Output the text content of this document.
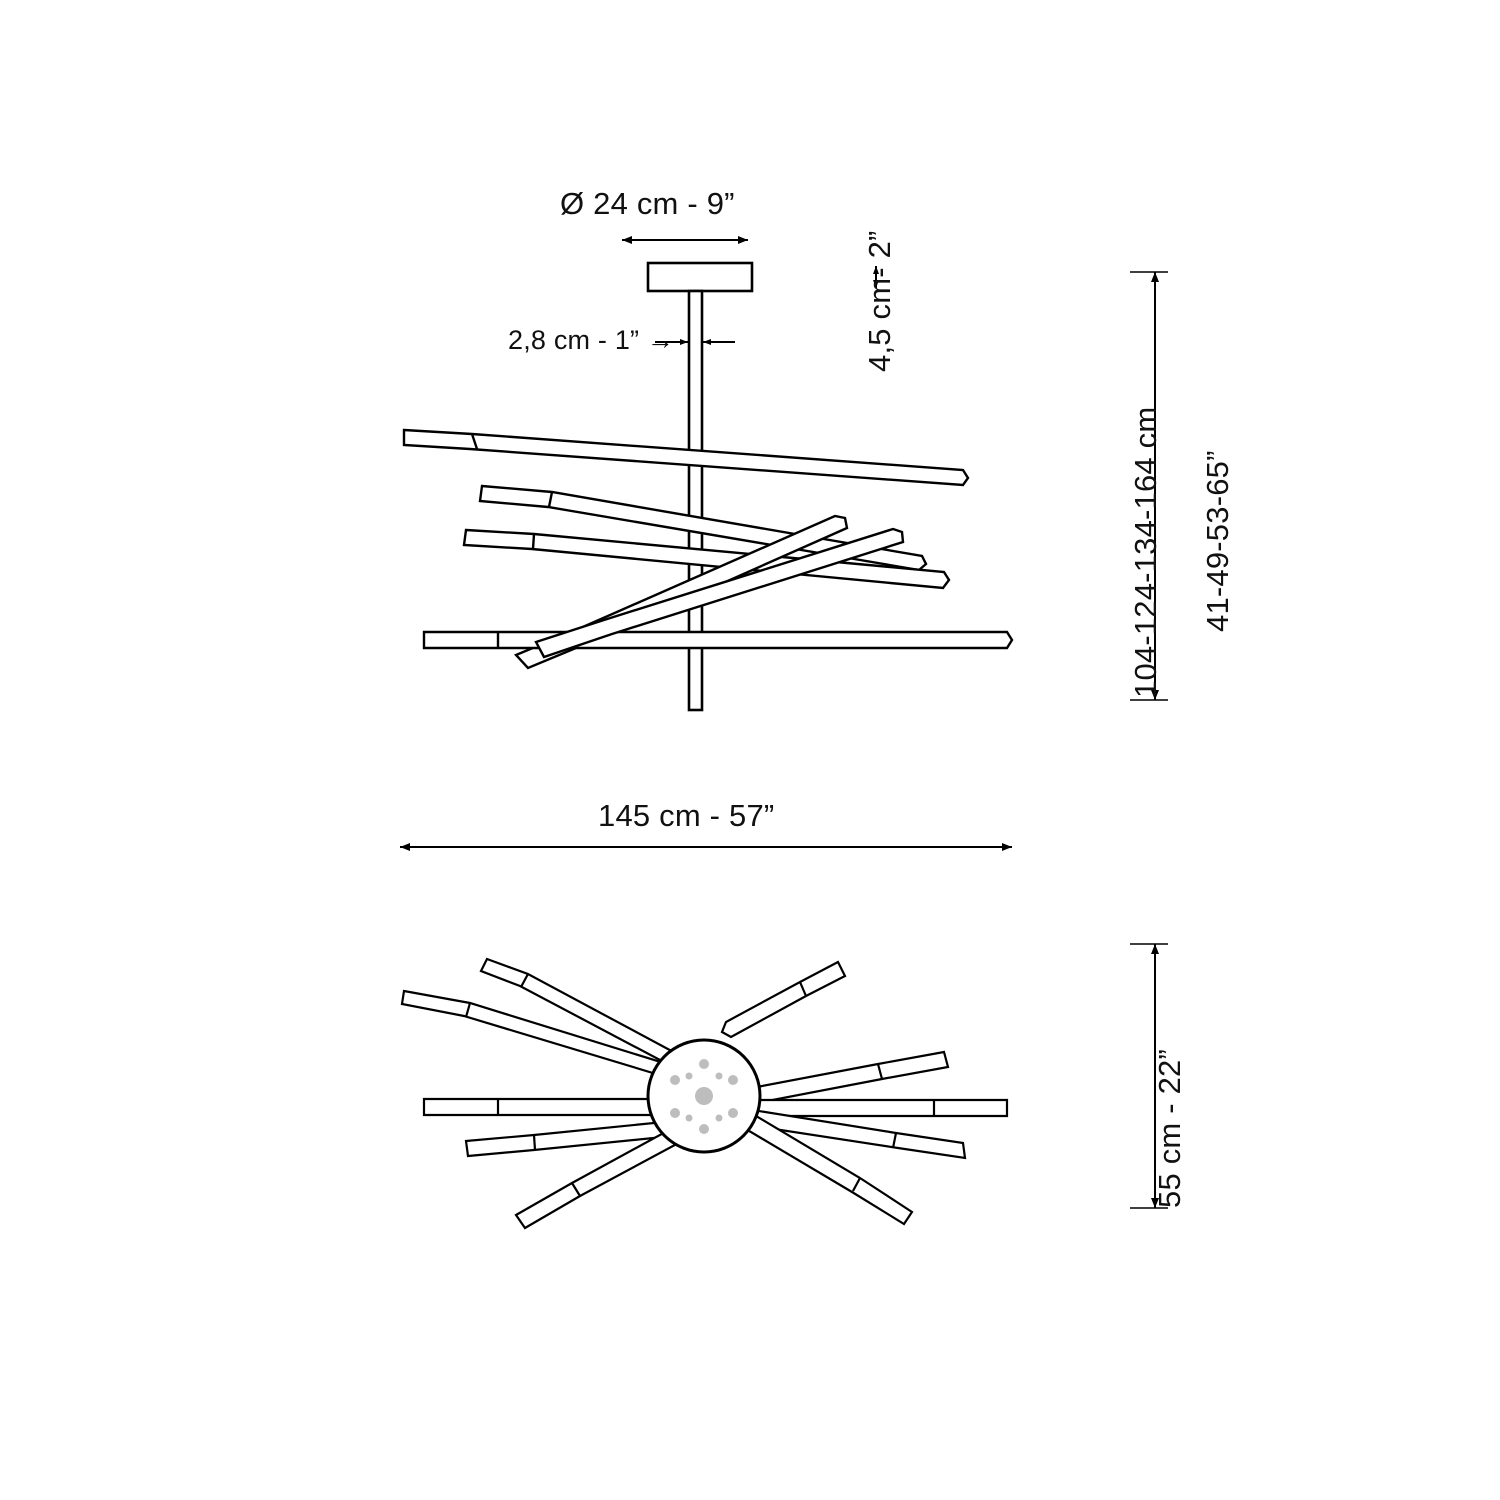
Ø 24 cm - 9”
4,5 cm- 2”
2,8 cm - 1” →
104-124-134-164 cm 41-49-53-65”
145 cm - 57”
55 cm - 22”
